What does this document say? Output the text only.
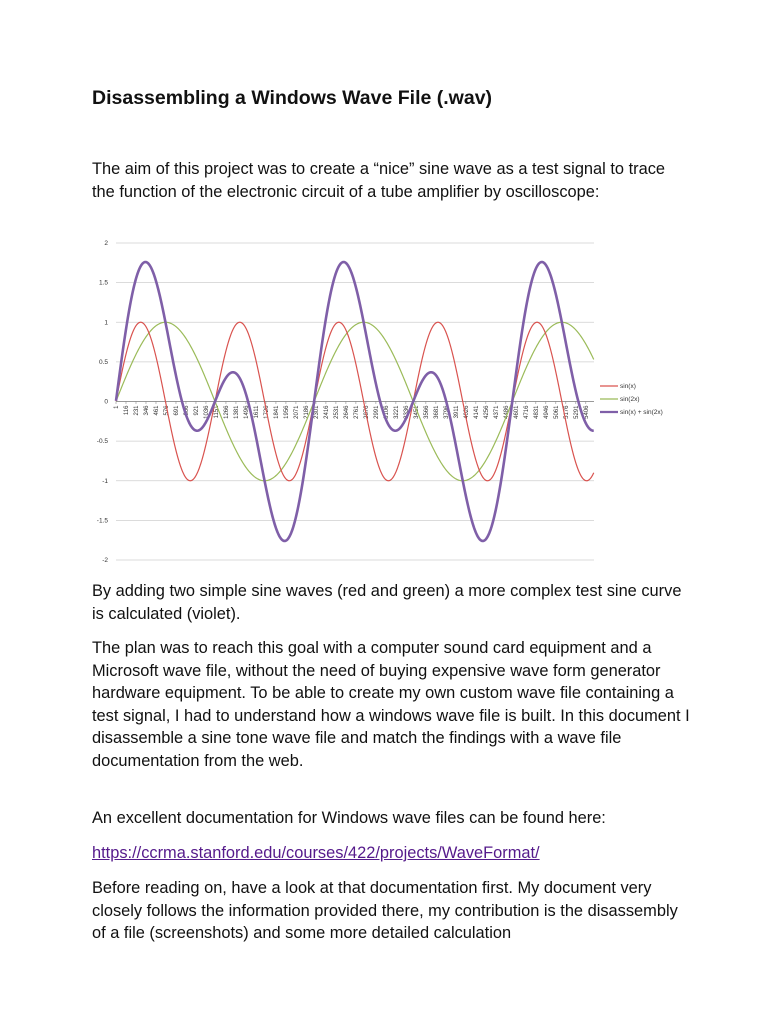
Disassembling a Windows Wave File (.wav)

The aim of this project was to create a “nice” sine wave as a test signal to trace the function of the electronic circuit of a tube amplifier by oscilloscope:

2
1.5
1
0.5
0
-0.5
-1
-1.5
-2
1 116 231 346 461 576 691 806 921 1036 1151 1266 1381 1496 1611 1726 1841 1956 2071 2186 2301 2416 2531 2646 2761 2876 2991 3106 3221 3336 3451 3566 3681 3796 3911 4026 4141 4256 4371 4486 4601 4716 4831 4946 5061 5176 5291 5406
sin(x)
sin(2x)
sin(x) + sin(2x)

By adding two simple sine waves (red and green) a more complex test sine curve is calculated (violet).

The plan was to reach this goal with a computer sound card equipment and a Microsoft wave file, without the need of buying expensive wave form generator hardware equipment. To be able to create my own custom wave file containing a test signal, I had to understand how a windows wave file is built. In this document I disassemble a sine tone wave file and match the findings with a wave file documentation from the web.

An excellent documentation for Windows wave files can be found here:

https://ccrma.stanford.edu/courses/422/projects/WaveFormat/

Before reading on, have a look at that documentation first. My document very closely follows the information provided there, my contribution is the disassembly of a file (screenshots) and some more detailed calculation
